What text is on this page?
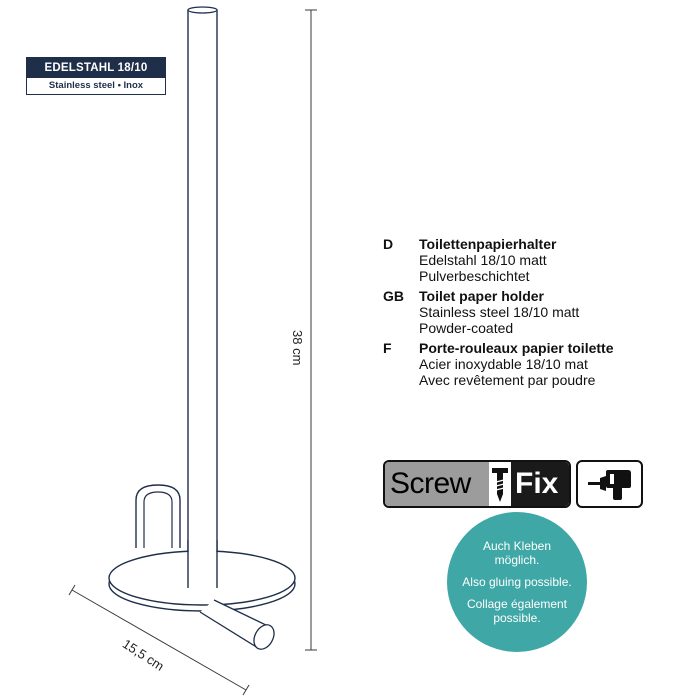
38 cm
15,5 cm
EDELSTAHL 18/10
Stainless steel • Inox
D	Toilettenpapierhalter
Edelstahl 18/10 matt
Pulverbeschichtet
GB	Toilet paper holder
Stainless steel 18/10 matt
Powder-coated
F	Porte-rouleaux papier toilette
Acier inoxydable 18/10 mat
Avec revêtement par poudre
Screw	Fix
Auch Kleben
möglich.
Also gluing possible.
Collage également
possible.
